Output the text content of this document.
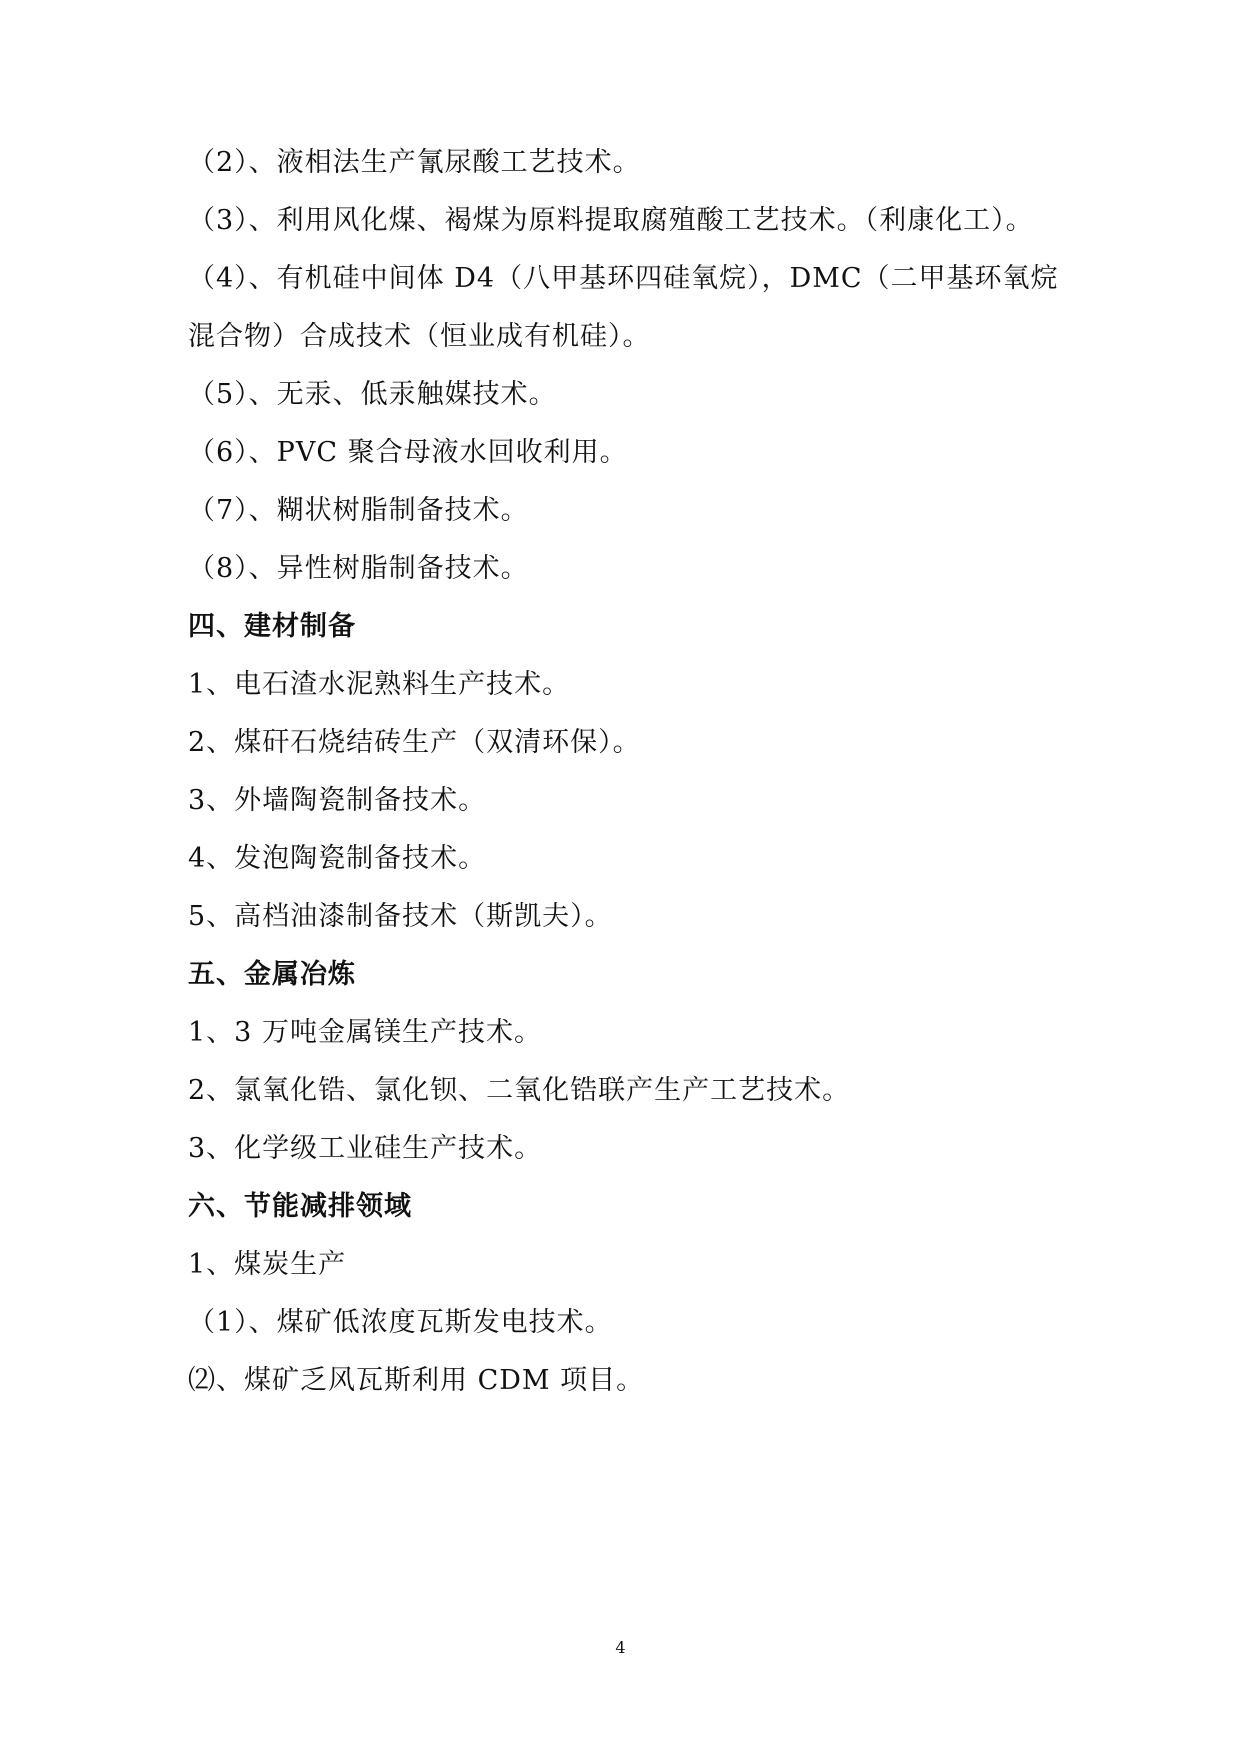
（2）、液相法生产氰尿酸工艺技术。
（3）、利用风化煤、褐煤为原料提取腐殖酸工艺技术。（利康化工）。
（4）、有机硅中间体 D4（八甲基环四硅氧烷），DMC（二甲基环氧烷
混合物）合成技术（恒业成有机硅）。
（5）、无汞、低汞触媒技术。
（6）、PVC 聚合母液水回收利用。
（7）、糊状树脂制备技术。
（8）、异性树脂制备技术。
四、建材制备
1、电石渣水泥熟料生产技术。
2、煤矸石烧结砖生产（双清环保）。
3、外墙陶瓷制备技术。
4、发泡陶瓷制备技术。
5、高档油漆制备技术（斯凯夫）。
五、金属冶炼
1、3 万吨金属镁生产技术。
2、氯氧化锆、氯化钡、二氧化锆联产生产工艺技术。
3、化学级工业硅生产技术。
六、节能减排领域
1、煤炭生产
（1）、煤矿低浓度瓦斯发电技术。
⑵、煤矿乏风瓦斯利用 CDM 项目。
4
